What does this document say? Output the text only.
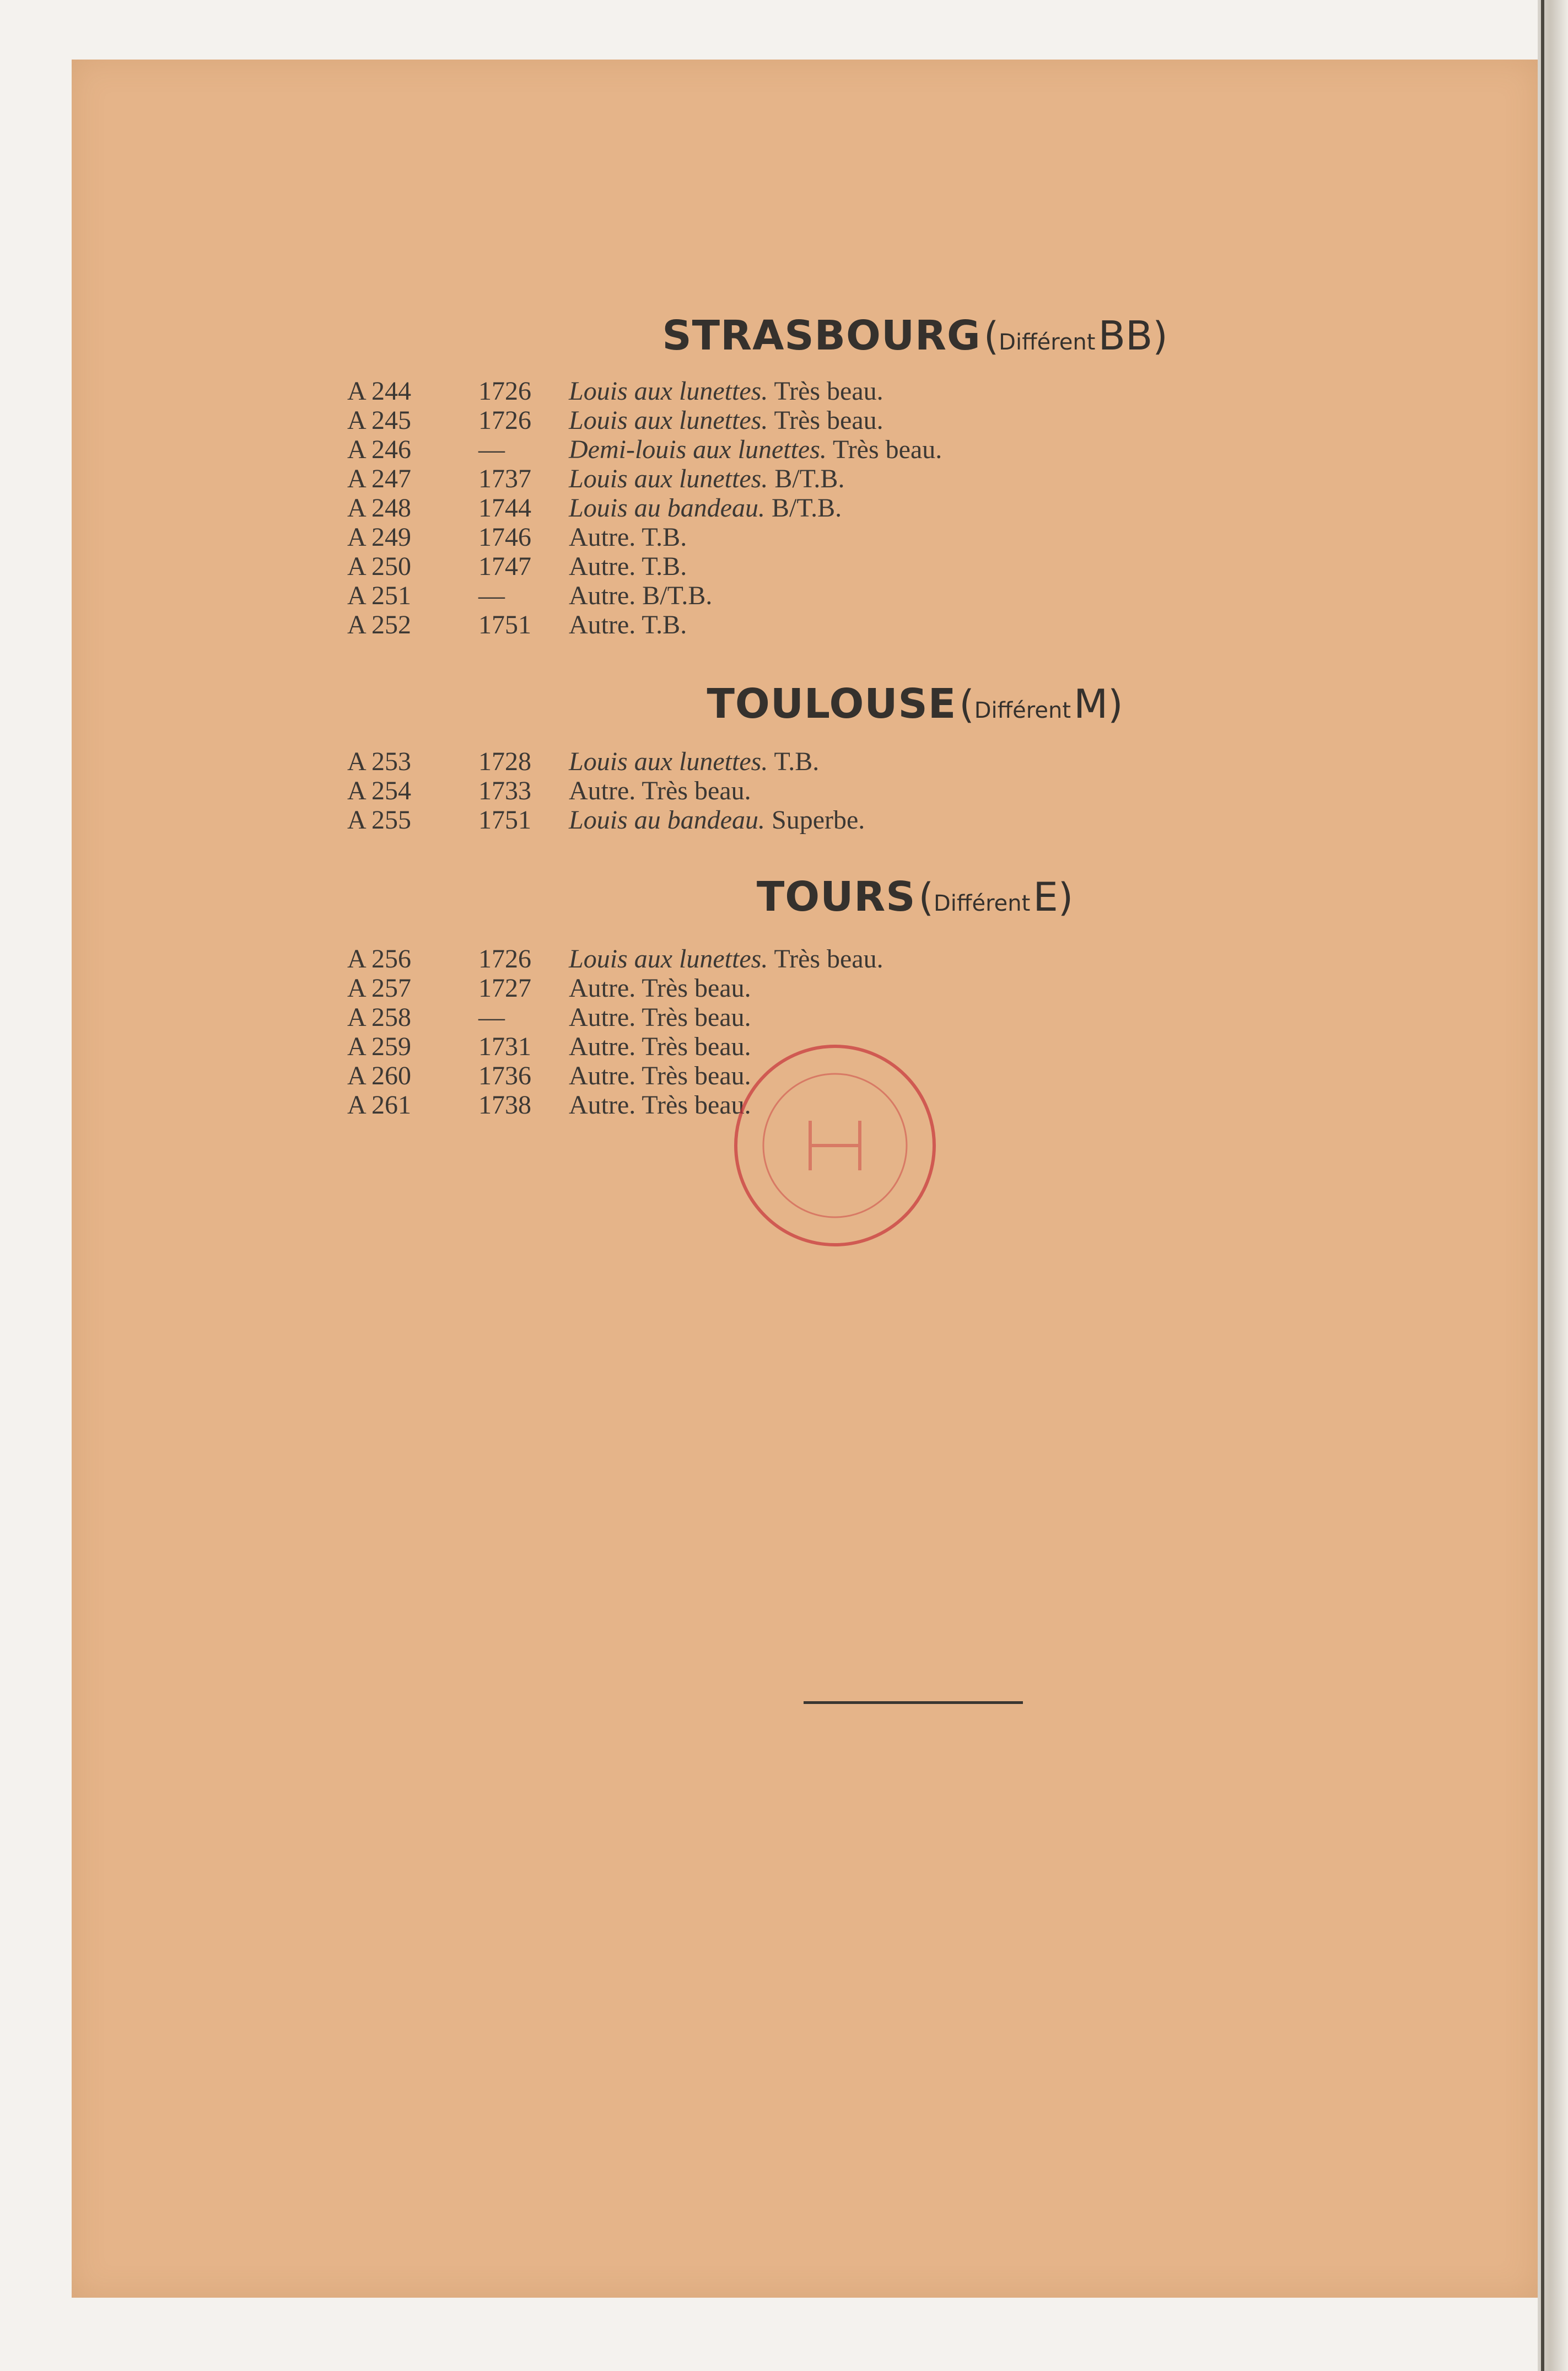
STRASBOURG (Différent BB)
A 244	1726 Louis aux lunettes. Très beau.
A 245	1726 Louis aux lunettes. Très beau.
A 246	— Demi-louis aux lunettes. Très beau.
A 247	1737 Louis aux lunettes. B/T.B.
A 248	1744 Louis au bandeau. B/T.B.
A 249	1746 Autre. T.B.
A 250	1747 Autre. T.B.
A 251	— Autre. B/T.B.
A 252	1751 Autre. T.B.
TOULOUSE (Différent M)
A 253	1728 Louis aux lunettes. T.B.
A 254	1733 Autre. Très beau.
A 255	1751 Louis au bandeau. Superbe.
TOURS (Différent E)
A 256	1726 Louis aux lunettes. Très beau.
A 257	1727 Autre. Très beau.
A 258	— Autre. Très beau.
A 259	1731 Autre. Très beau.
A 260	1736 Autre. Très beau.
A 261	1738 Autre. Très beau.
